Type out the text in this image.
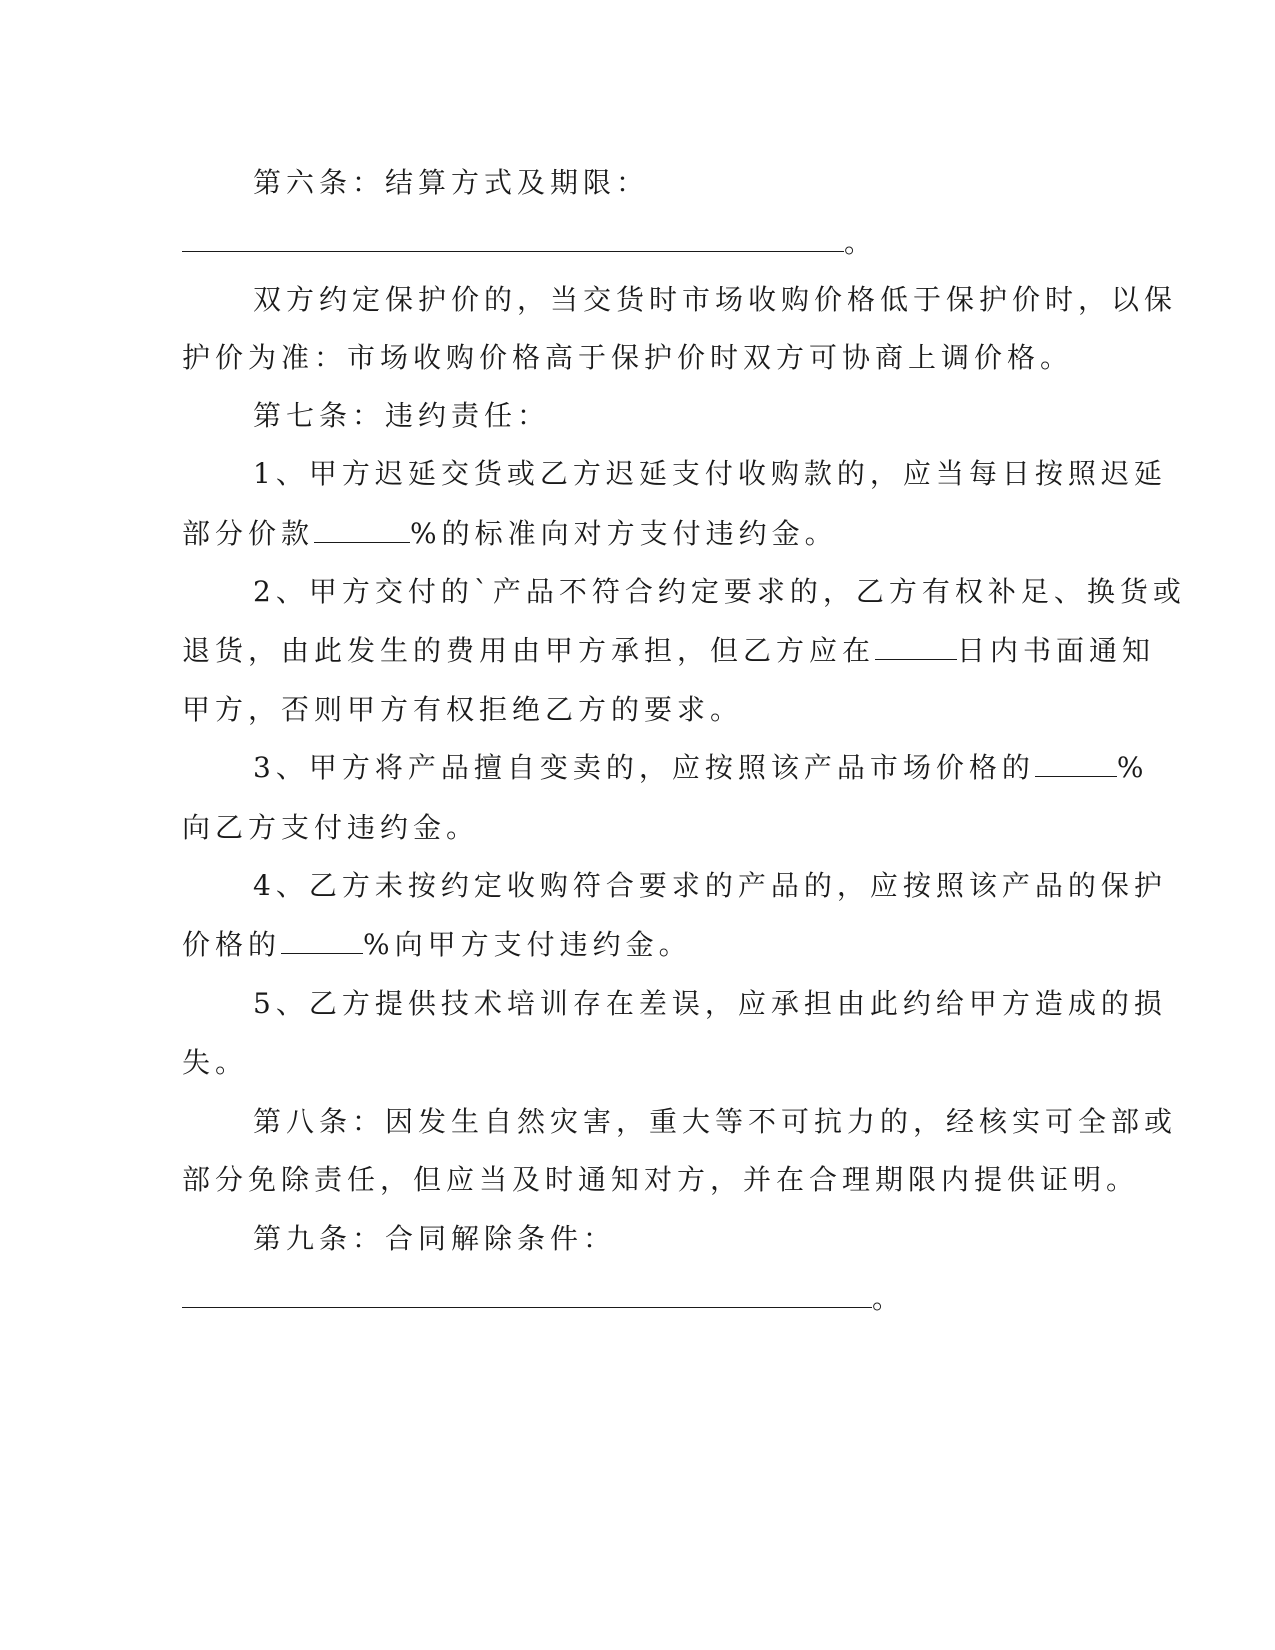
第六条：结算方式及期限：
。
双方约定保护价的，当交货时市场收购价格低于保护价时，以保
护价为准：市场收购价格高于保护价时双方可协商上调价格。
第七条：违约责任：
1、甲方迟延交货或乙方迟延支付收购款的，应当每日按照迟延
部分价款	%的标准向对方支付违约金。
2、甲方交付的`产品不符合约定要求的，乙方有权补足、换货或
退货，由此发生的费用由甲方承担，但乙方应在	日内书面通知
甲方，否则甲方有权拒绝乙方的要求。
3、甲方将产品擅自变卖的，应按照该产品市场价格的	%
向乙方支付违约金。
4、乙方未按约定收购符合要求的产品的，应按照该产品的保护
价格的	%向甲方支付违约金。
5、乙方提供技术培训存在差误，应承担由此约给甲方造成的损
失。
第八条：因发生自然灾害，重大等不可抗力的，经核实可全部或
部分免除责任，但应当及时通知对方，并在合理期限内提供证明。
第九条：合同解除条件：
。
